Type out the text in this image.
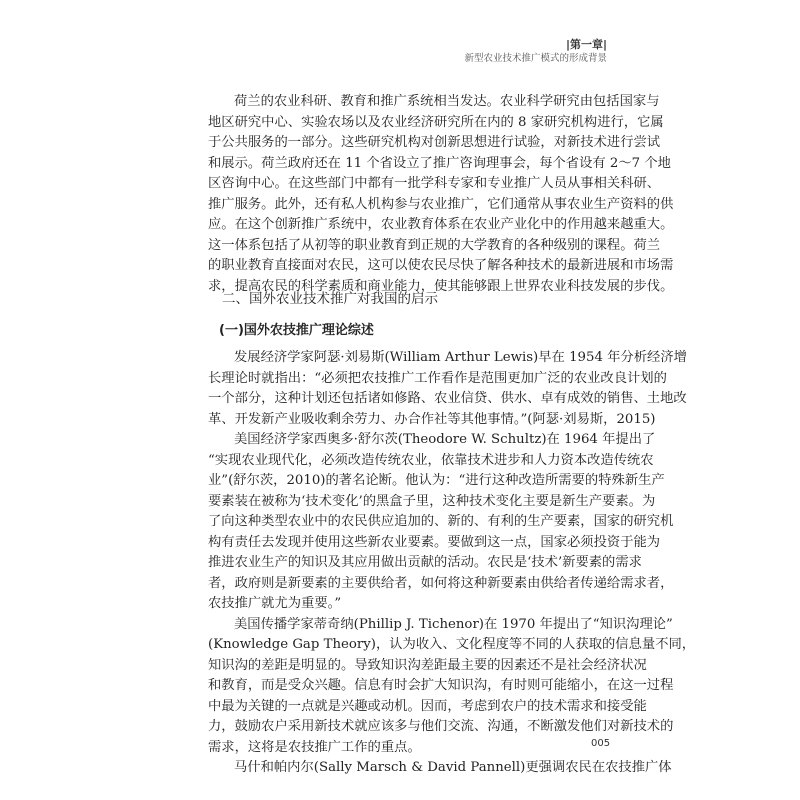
|第一章|
新型农业技术推广模式的形成背景
荷兰的农业科研、教育和推广系统相当发达。农业科学研究由包括国家与
地区研究中心、实验农场以及农业经济研究所在内的 8 家研究机构进行，它属
于公共服务的一部分。这些研究机构对创新思想进行试验，对新技术进行尝试
和展示。荷兰政府还在 11 个省设立了推广咨询理事会，每个省设有 2～7 个地
区咨询中心。在这些部门中都有一批学科专家和专业推广人员从事相关科研、
推广服务。此外，还有私人机构参与农业推广，它们通常从事农业生产资料的供
应。在这个创新推广系统中，农业教育体系在农业产业化中的作用越来越重大。
这一体系包括了从初等的职业教育到正规的大学教育的各种级别的课程。荷兰
的职业教育直接面对农民，这可以使农民尽快了解各种技术的最新进展和市场需
求，提高农民的科学素质和商业能力，使其能够跟上世界农业科技发展的步伐。
二、国外农业技术推广对我国的启示
(一)国外农技推广理论综述
发展经济学家阿瑟·刘易斯(William Arthur Lewis)早在 1954 年分析经济增
长理论时就指出：“必须把农技推广工作看作是范围更加广泛的农业改良计划的
一个部分，这种计划还包括诸如修路、农业信贷、供水、卓有成效的销售、土地改
革、开发新产业吸收剩余劳力、办合作社等其他事情。”(阿瑟·刘易斯，2015)
美国经济学家西奥多·舒尔茨(Theodore W. Schultz)在 1964 年提出了
“实现农业现代化，必须改造传统农业，依靠技术进步和人力资本改造传统农
业”(舒尔茨，2010)的著名论断。他认为：“进行这种改造所需要的特殊新生产
要素装在被称为‘技术变化’的黑盒子里，这种技术变化主要是新生产要素。为
了向这种类型农业中的农民供应追加的、新的、有利的生产要素，国家的研究机
构有责任去发现并使用这些新农业要素。要做到这一点，国家必须投资于能为
推进农业生产的知识及其应用做出贡献的活动。农民是‘技术’新要素的需求
者，政府则是新要素的主要供给者，如何将这种新要素由供给者传递给需求者，
农技推广就尤为重要。”
美国传播学家蒂奇纳(Phillip J. Tichenor)在 1970 年提出了“知识沟理论”
(Knowledge Gap Theory)，认为收入、文化程度等不同的人获取的信息量不同，
知识沟的差距是明显的。导致知识沟差距最主要的因素还不是社会经济状况
和教育，而是受众兴趣。信息有时会扩大知识沟，有时则可能缩小，在这一过程
中最为关键的一点就是兴趣或动机。因而，考虑到农户的技术需求和接受能
力，鼓励农户采用新技术就应该多与他们交流、沟通，不断激发他们对新技术的
需求，这将是农技推广工作的重点。
马什和帕内尔(Sally Marsch & David Pannell)更强调农民在农技推广体
005
